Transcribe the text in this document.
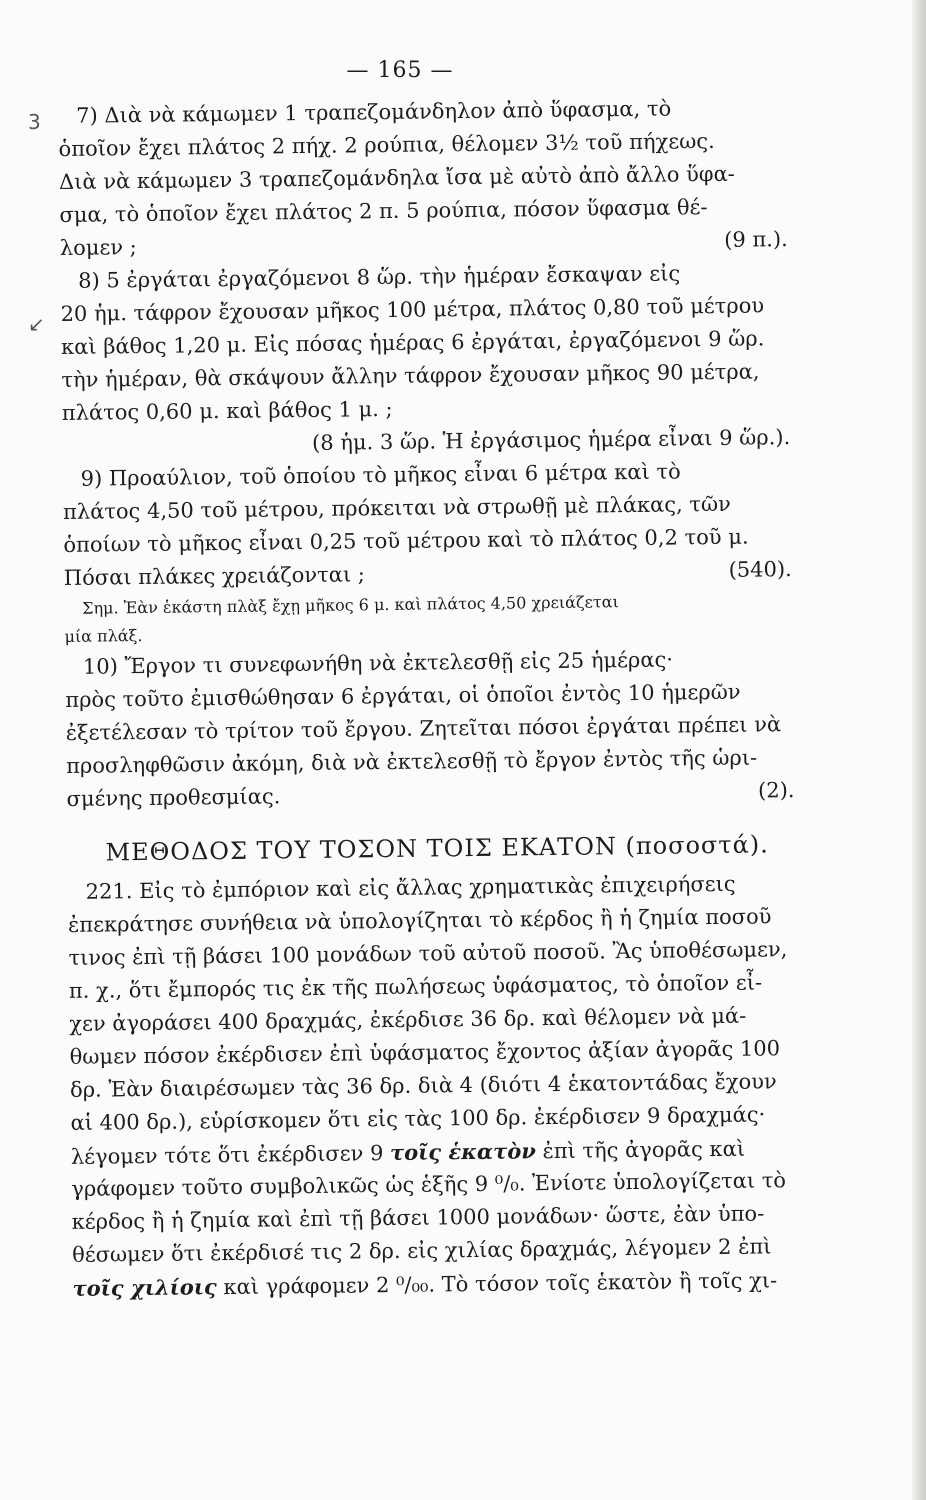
— 165 —
3
↙
7) Διὰ νὰ κάμωμεν 1 τραπεζομάνδηλον ἀπὸ ὕφασμα, τὸ
ὁποῖον ἔχει πλάτος 2 πήχ. 2 ρούπια, θέλομεν 3½ τοῦ πήχεως.
Διὰ νὰ κάμωμεν 3 τραπεζομάνδηλα ἴσα μὲ αὐτὸ ἀπὸ ἄλλο ὕφα-
σμα, τὸ ὁποῖον ἔχει πλάτος 2 π. 5 ρούπια, πόσον ὕφασμα θέ-
λομεν ;	(9 π.).
8) 5 ἐργάται ἐργαζόμενοι 8 ὥρ. τὴν ἡμέραν ἔσκαψαν εἰς
20 ἡμ. τάφρον ἔχουσαν μῆκος 100 μέτρα, πλάτος 0,80 τοῦ μέτρου
καὶ βάθος 1,20 μ. Εἰς πόσας ἡμέρας 6 ἐργάται, ἐργαζόμενοι 9 ὥρ.
τὴν ἡμέραν, θὰ σκάψουν ἄλλην τάφρον ἔχουσαν μῆκος 90 μέτρα,
πλάτος 0,60 μ. καὶ βάθος 1 μ. ;
(8 ἡμ. 3 ὥρ. Ἡ ἐργάσιμος ἡμέρα εἶναι 9 ὥρ.).
9) Προαύλιον, τοῦ ὁποίου τὸ μῆκος εἶναι 6 μέτρα καὶ τὸ
πλάτος 4,50 τοῦ μέτρου, πρόκειται νὰ στρωθῇ μὲ πλάκας, τῶν
ὁποίων τὸ μῆκος εἶναι 0,25 τοῦ μέτρου καὶ τὸ πλάτος 0,2 τοῦ μ.
Πόσαι πλάκες χρειάζονται ;	(540).
Σημ. Ἐὰν ἑκάστη πλὰξ ἔχῃ μῆκος 6 μ. καὶ πλάτος 4,50 χρειάζεται
μία πλάξ.
10) Ἔργον τι συνεφωνήθη νὰ ἐκτελεσθῇ εἰς 25 ἡμέρας·
πρὸς τοῦτο ἐμισθώθησαν 6 ἐργάται, οἱ ὁποῖοι ἐντὸς 10 ἡμερῶν
ἐξετέλεσαν τὸ τρίτον τοῦ ἔργου. Ζητεῖται πόσοι ἐργάται πρέπει νὰ
προσληφθῶσιν ἀκόμη, διὰ νὰ ἐκτελεσθῇ τὸ ἔργον ἐντὸς τῆς ὡρι-
σμένης προθεσμίας.	(2).
ΜΕΘΟΔΟΣ ΤΟΥ ΤΟΣΟΝ ΤΟΙΣ ΕΚΑΤΟΝ (ποσοστά).
221. Εἰς τὸ ἐμπόριον καὶ εἰς ἄλλας χρηματικὰς ἐπιχειρήσεις
ἐπεκράτησε συνήθεια νὰ ὑπολογίζηται τὸ κέρδος ἢ ἡ ζημία ποσοῦ
τινος ἐπὶ τῇ βάσει 100 μονάδων τοῦ αὐτοῦ ποσοῦ. Ἂς ὑποθέσωμεν,
π. χ., ὅτι ἔμπορός τις ἐκ τῆς πωλήσεως ὑφάσματος, τὸ ὁποῖον εἶ-
χεν ἀγοράσει 400 δραχμάς, ἐκέρδισε 36 δρ. καὶ θέλομεν νὰ μά-
θωμεν πόσον ἐκέρδισεν ἐπὶ ὑφάσματος ἔχοντος ἀξίαν ἀγορᾶς 100
δρ. Ἐὰν διαιρέσωμεν τὰς 36 δρ. διὰ 4 (διότι 4 ἑκατοντάδας ἔχουν
αἱ 400 δρ.), εὑρίσκομεν ὅτι εἰς τὰς 100 δρ. ἐκέρδισεν 9 δραχμάς·
λέγομεν τότε ὅτι ἐκέρδισεν 9 τοῖς ἑκατὸν ἐπὶ τῆς ἀγορᾶς καὶ
γράφομεν τοῦτο συμβολικῶς ὡς ἑξῆς 9 ⁰/₀. Ἐνίοτε ὑπολογίζεται τὸ
κέρδος ἢ ἡ ζημία καὶ ἐπὶ τῇ βάσει 1000 μονάδων· ὥστε, ἐὰν ὑπο-
θέσωμεν ὅτι ἐκέρδισέ τις 2 δρ. εἰς χιλίας δραχμάς, λέγομεν 2 ἐπὶ
τοῖς χιλίοις καὶ γράφομεν 2 ⁰/₀₀. Τὸ τόσον τοῖς ἑκατὸν ἢ τοῖς χι-
